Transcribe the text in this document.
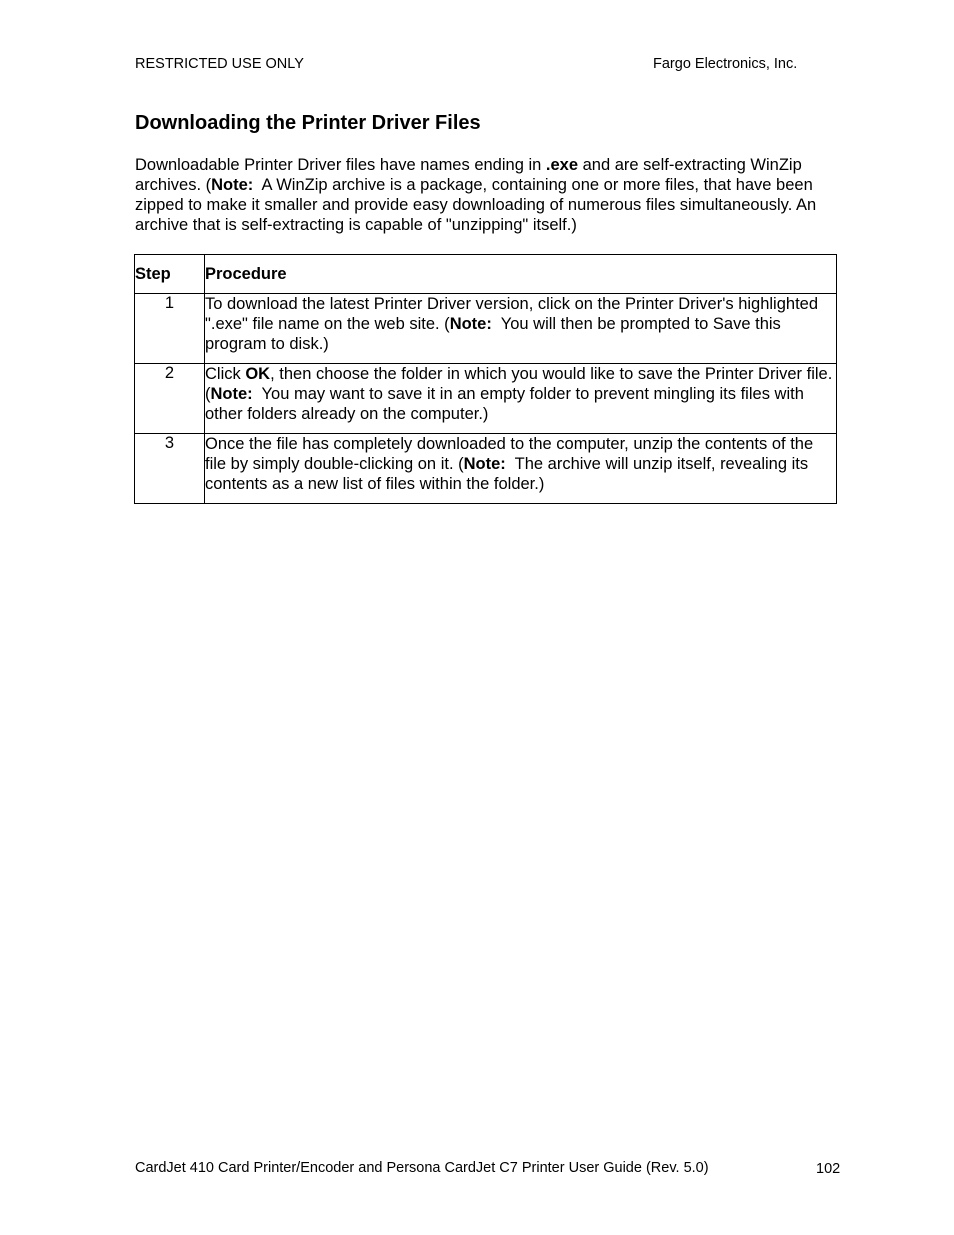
RESTRICTED USE ONLY	Fargo Electronics, Inc.
Downloading the Printer Driver Files

Downloadable Printer Driver files have names ending in .exe and are self-extracting WinZip archives. (Note:  A WinZip archive is a package, containing one or more files, that have been zipped to make it smaller and provide easy downloading of numerous files simultaneously. An archive that is self-extracting is capable of "unzipping" itself.)

Step	Procedure
1	To download the latest Printer Driver version, click on the Printer Driver's highlighted ".exe" file name on the web site. (Note:  You will then be prompted to Save this program to disk.)
2	Click OK, then choose the folder in which you would like to save the Printer Driver file. (Note:  You may want to save it in an empty folder to prevent mingling its files with other folders already on the computer.)
3	Once the file has completely downloaded to the computer, unzip the contents of the file by simply double-clicking on it. (Note:  The archive will unzip itself, revealing its contents as a new list of files within the folder.)
CardJet 410 Card Printer/Encoder and Persona CardJet C7 Printer User Guide (Rev. 5.0)	102
